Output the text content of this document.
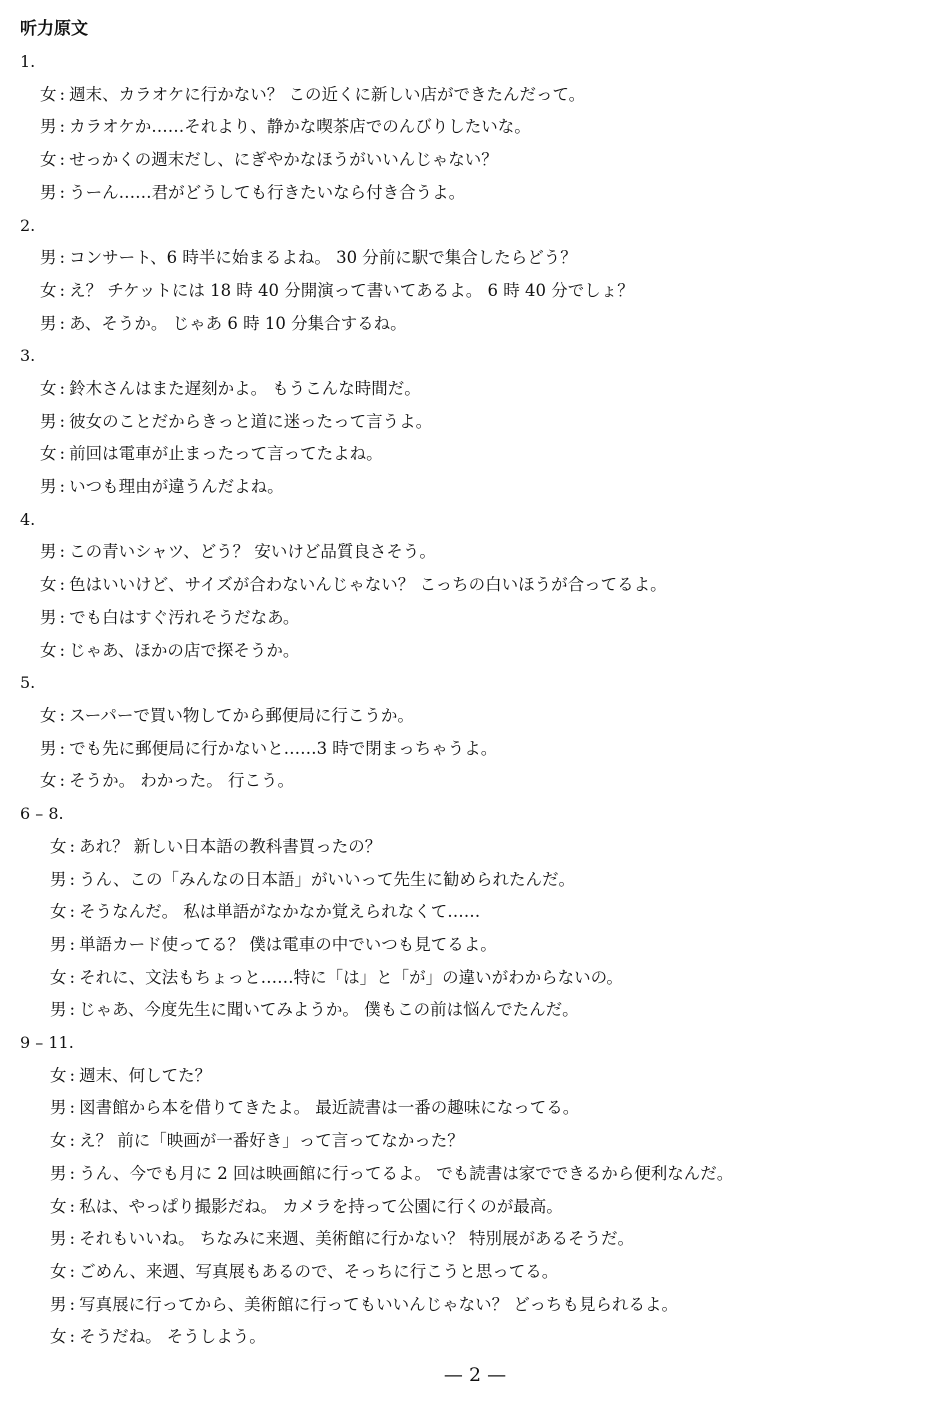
听力原文
1.
女 : 週末、カラオケに行かない？ この近くに新しい店ができたんだって。
男 : カラオケか……それより、静かな喫茶店でのんびりしたいな。
女 : せっかくの週末だし、にぎやかなほうがいいんじゃない？
男 : うーん……君がどうしても行きたいなら付き合うよ。
2.
男 : コンサート、6 時半に始まるよね。 30 分前に駅で集合したらどう？
女 : え？ チケットには 18 時 40 分開演って書いてあるよ。 6 時 40 分でしょ？
男 : あ、そうか。 じゃあ 6 時 10 分集合するね。
3.
女 : 鈴木さんはまた遅刻かよ。 もうこんな時間だ。
男 : 彼女のことだからきっと道に迷ったって言うよ。
女 : 前回は電車が止まったって言ってたよね。
男 : いつも理由が違うんだよね。
4.
男 : この青いシャツ、どう？ 安いけど品質良さそう。
女 : 色はいいけど、サイズが合わないんじゃない？ こっちの白いほうが合ってるよ。
男 : でも白はすぐ汚れそうだなあ。
女 : じゃあ、ほかの店で探そうか。
5.
女 : スーパーで買い物してから郵便局に行こうか。
男 : でも先に郵便局に行かないと……3 時で閉まっちゃうよ。
女 : そうか。 わかった。 行こう。
6 – 8.
女 : あれ？ 新しい日本語の教科書買ったの？
男 : うん、この「みんなの日本語」がいいって先生に勧められたんだ。
女 : そうなんだ。 私は単語がなかなか覚えられなくて……
男 : 単語カード使ってる？ 僕は電車の中でいつも見てるよ。
女 : それに、文法もちょっと……特に「は」と「が」の違いがわからないの。
男 : じゃあ、今度先生に聞いてみようか。 僕もこの前は悩んでたんだ。
9 – 11.
女 : 週末、何してた？
男 : 図書館から本を借りてきたよ。 最近読書は一番の趣味になってる。
女 : え？ 前に「映画が一番好き」って言ってなかった？
男 : うん、今でも月に 2 回は映画館に行ってるよ。 でも読書は家でできるから便利なんだ。
女 : 私は、やっぱり撮影だね。 カメラを持って公園に行くのが最高。
男 : それもいいね。 ちなみに来週、美術館に行かない？ 特別展があるそうだ。
女 : ごめん、来週、写真展もあるので、そっちに行こうと思ってる。
男 : 写真展に行ってから、美術館に行ってもいいんじゃない？ どっちも見られるよ。
女 : そうだね。 そうしよう。
— 2 —
